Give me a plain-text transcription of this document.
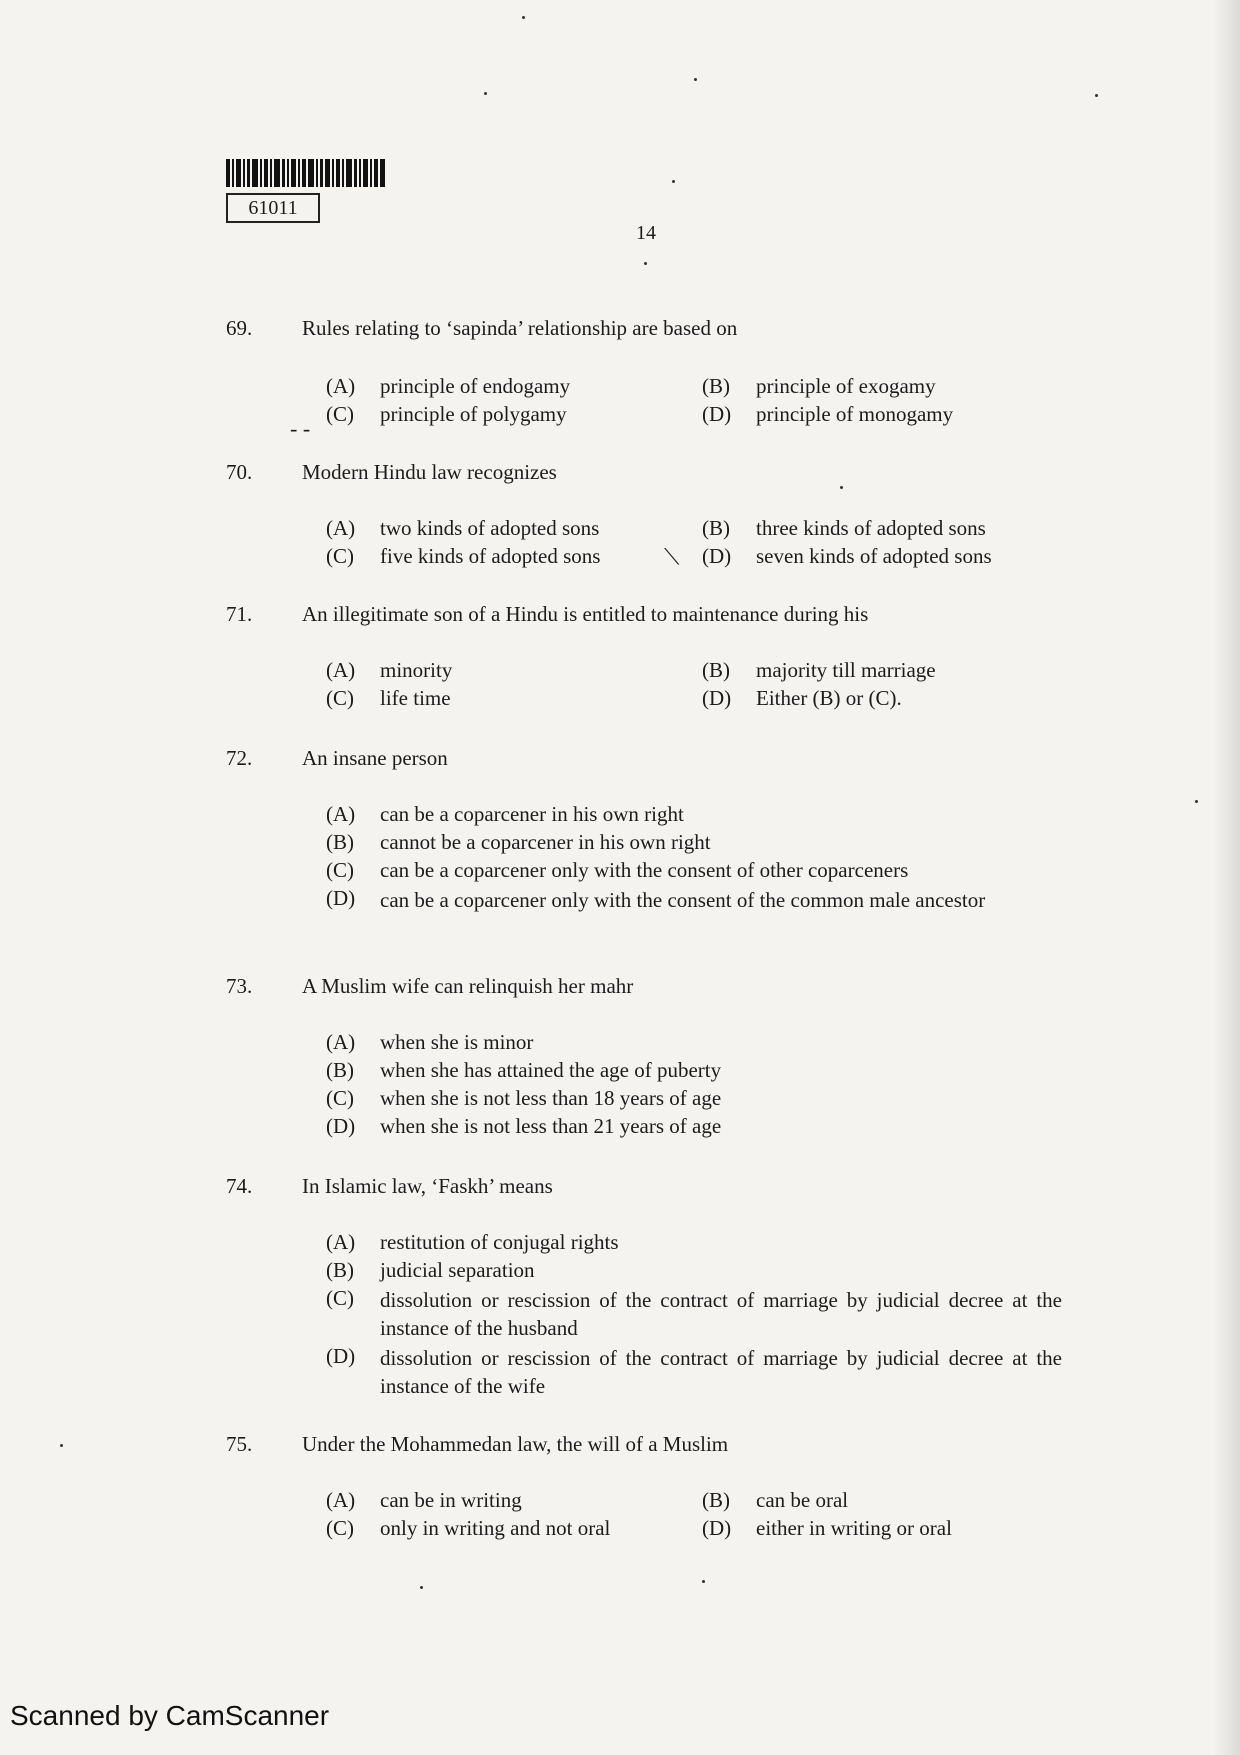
- -
⟍
61011
14
69. Rules relating to ‘sapinda’ relationship are based on
(A) principle of endogamy	(B) principle of exogamy
(C) principle of polygamy	(D) principle of monogamy
70. Modern Hindu law recognizes
(A) two kinds of adopted sons	(B) three kinds of adopted sons
(C) five kinds of adopted sons	(D) seven kinds of adopted sons
71. An illegitimate son of a Hindu is entitled to maintenance during his
(A) minority	(B) majority till marriage
(C) life time	(D) Either (B) or (C).
72. An insane person
(A) can be a coparcener in his own right
(B) cannot be a coparcener in his own right
(C) can be a coparcener only with the consent of other coparceners
(D)	can be a coparcener only with the consent of the common male ancestor
73. A Muslim wife can relinquish her mahr
(A) when she is minor
(B) when she has attained the age of puberty
(C) when she is not less than 18 years of age
(D) when she is not less than 21 years of age
74. In Islamic law, ‘Faskh’ means
(A) restitution of conjugal rights
(B) judicial separation
(C)	dissolution or rescission of the contract of marriage by judicial decree at the instance of the husband
(D)	dissolution or rescission of the contract of marriage by judicial decree at the instance of the wife
75. Under the Mohammedan law, the will of a Muslim
(A) can be in writing	(B) can be oral
(C) only in writing and not oral	(D) either in writing or oral
Scanned by CamScanner
